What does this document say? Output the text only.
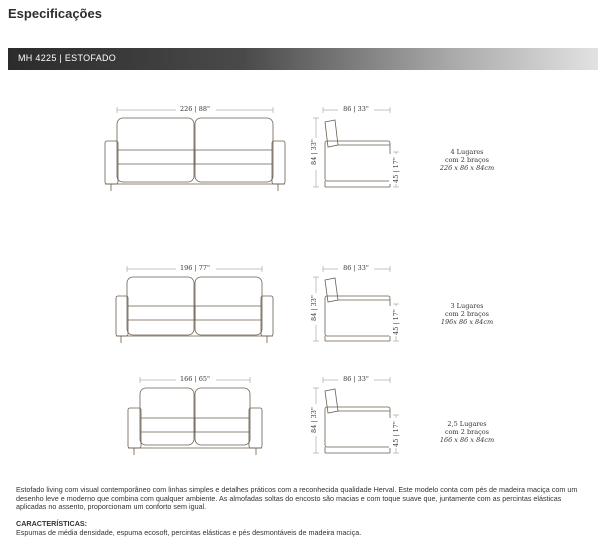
Especificações
MH 4225 | ESTOFADO
226 | 88"	86 | 33"
84 | 33"
45 | 17"
196 | 77"	86 | 33"
84 | 33"
45 | 17"
166 | 65"	86 | 33"
84 | 33"
45 | 17"
4 Lugares
com 2 braços
226 x 86 x 84cm
3 Lugares
com 2 braços
196x 86 x 84cm
2,5 Lugares
com 2 braços
166 x 86 x 84cm

Estofado living com visual contemporâneo com linhas simples e detalhes práticos com a reconhecida qualidade Herval. Este modelo conta com pés de madeira maciça com um desenho leve e moderno que combina com qualquer ambiente. As almofadas soltas do encosto são macias e com toque suave que, juntamente com as percintas elásticas aplicadas no assento, proporcionam um conforto sem igual.

CARACTERÍSTICAS:

Espumas de média densidade, espuma ecosoft, percintas elásticas e pés desmontáveis de madeira maciça.
